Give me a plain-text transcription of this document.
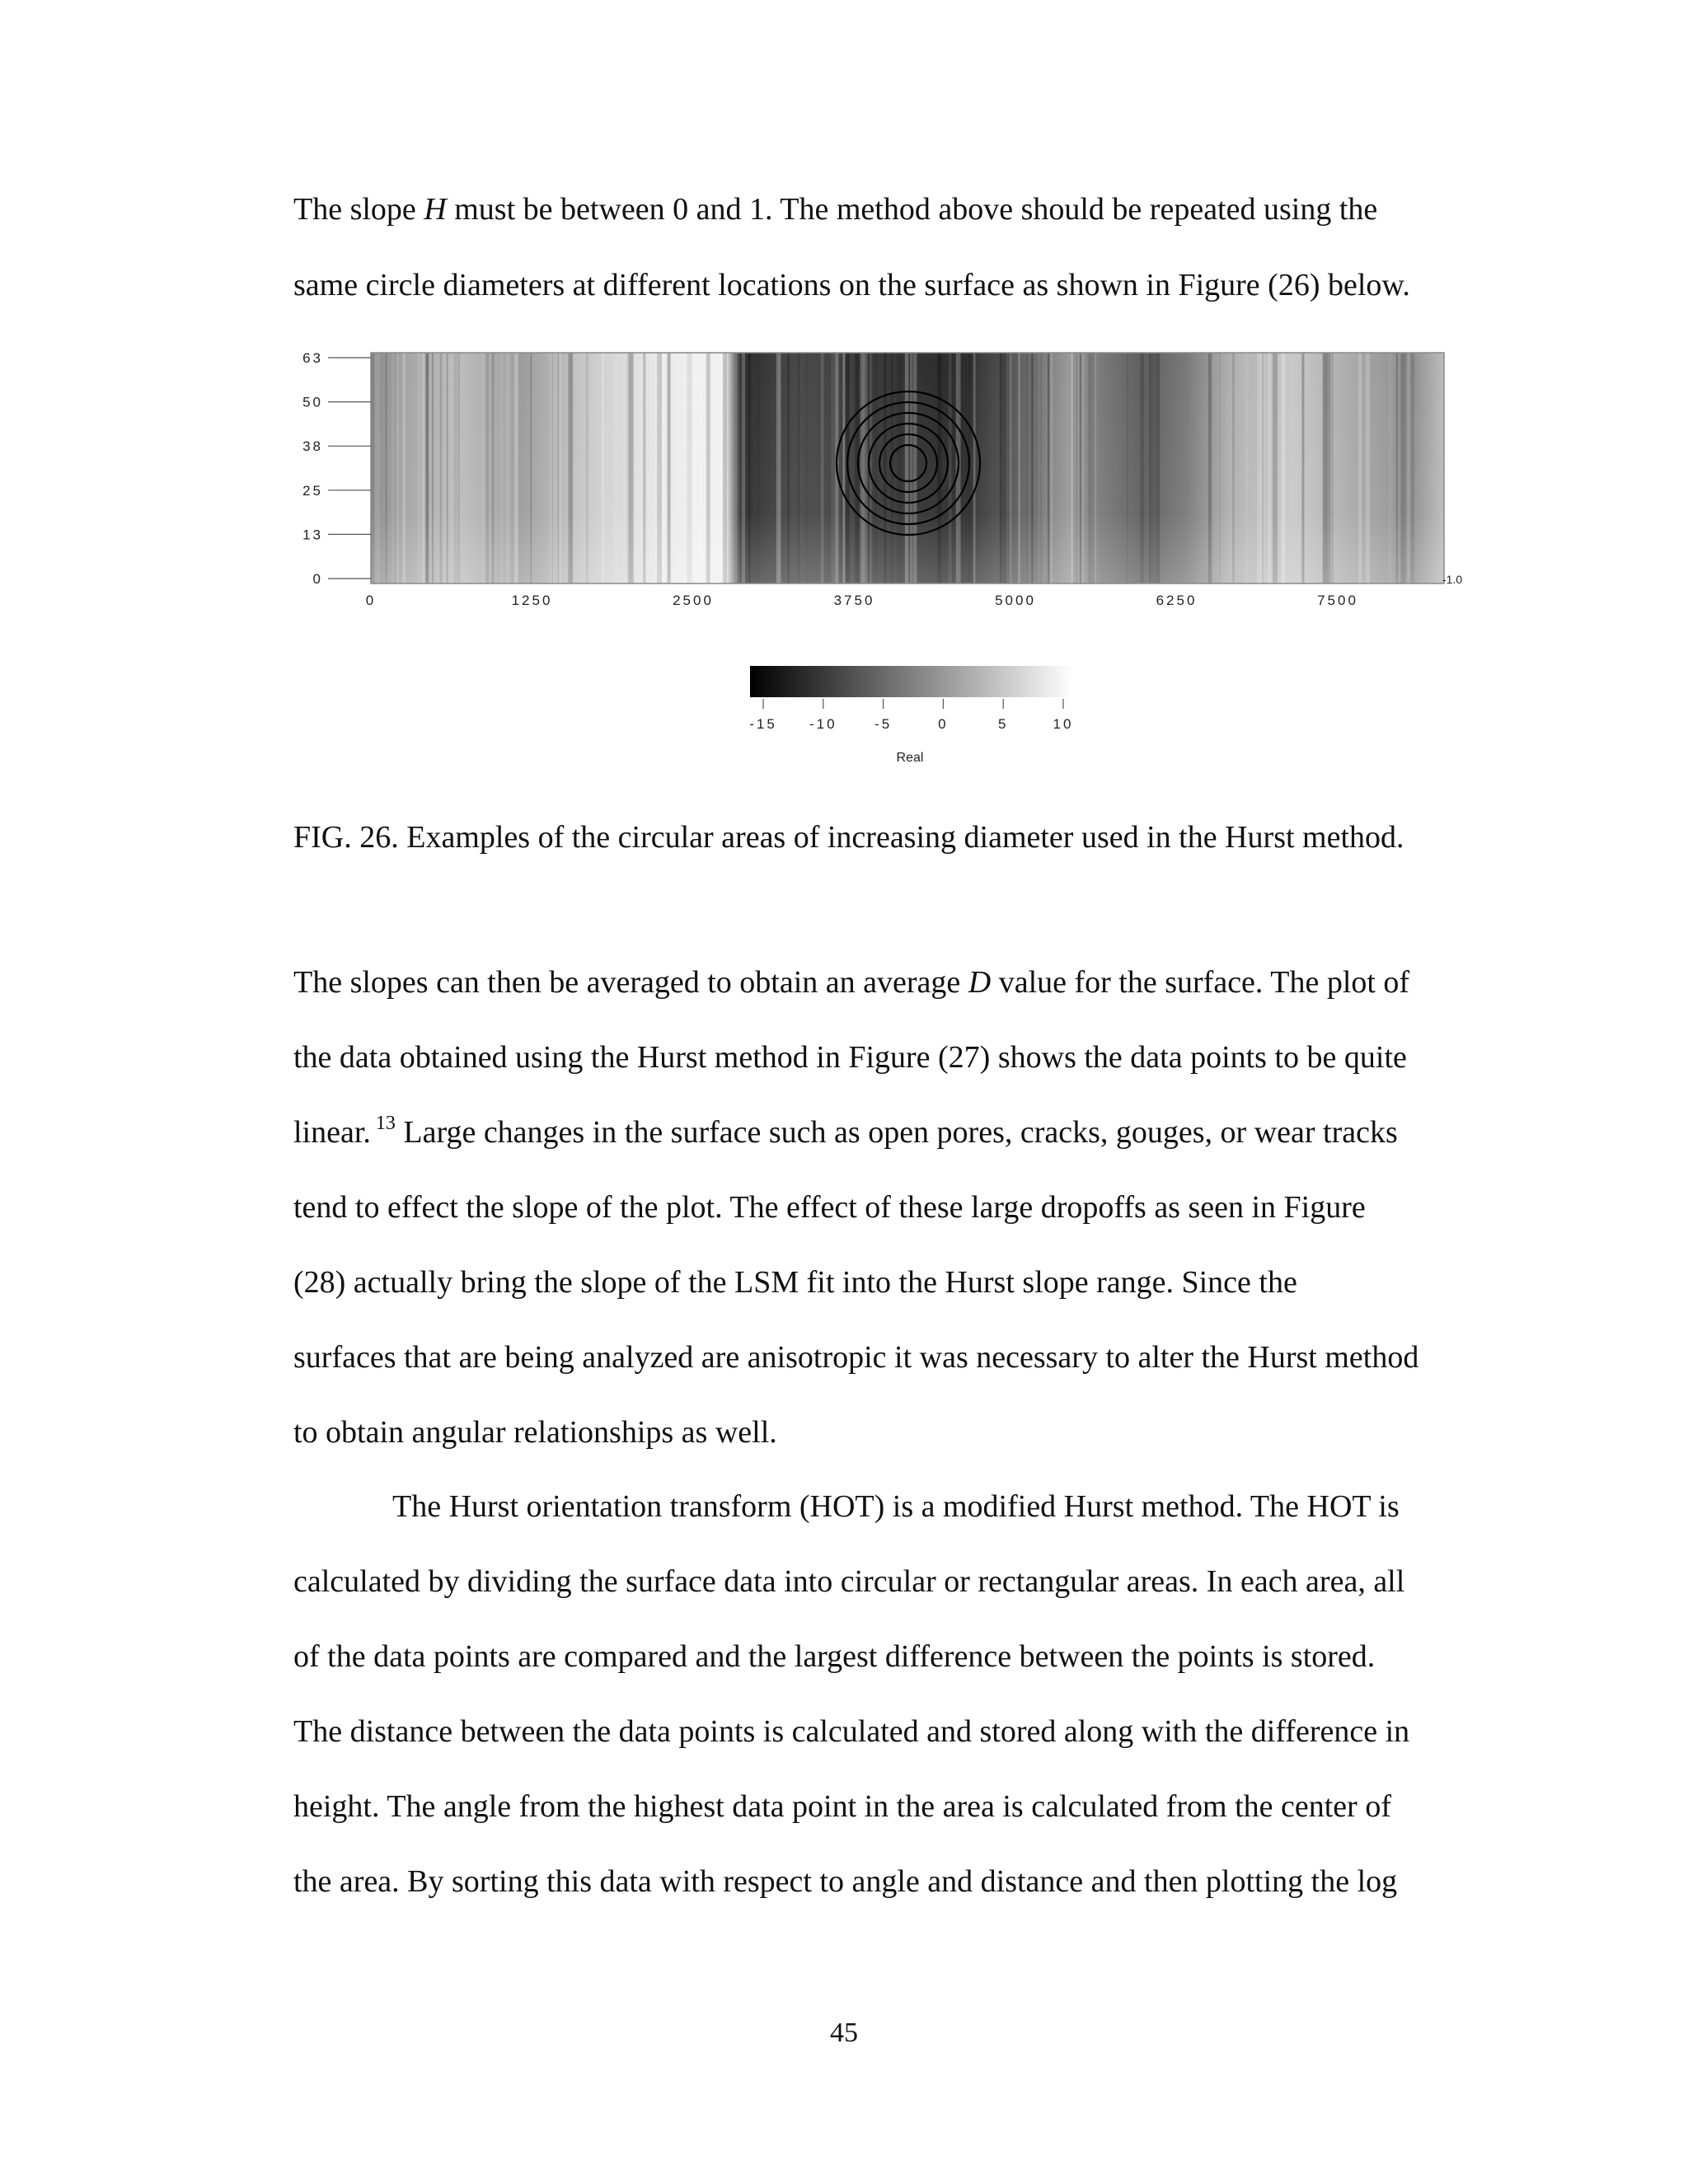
The slope H must be between 0 and 1. The method above should be repeated using the
same circle diameters at different locations on the surface as shown in Figure (26) below.
63
50
38
25
13
0
0	1250	2500	3750	5000	6250	7500
-1.0
-15 -10	-5	0	5	10
Real
FIG. 26. Examples of the circular areas of increasing diameter used in the Hurst method.
The slopes can then be averaged to obtain an average D value for the surface. The plot of
the data obtained using the Hurst method in Figure (27) shows the data points to be quite
linear. $^{13}$ Large changes in the surface such as open pores, cracks, gouges, or wear tracks
tend to effect the slope of the plot. The effect of these large dropoffs as seen in Figure
(28) actually bring the slope of the LSM fit into the Hurst slope range. Since the
surfaces that are being analyzed are anisotropic it was necessary to alter the Hurst method
to obtain angular relationships as well.
The Hurst orientation transform (HOT) is a modified Hurst method. The HOT is
calculated by dividing the surface data into circular or rectangular areas. In each area, all
of the data points are compared and the largest difference between the points is stored.
The distance between the data points is calculated and stored along with the difference in
height. The angle from the highest data point in the area is calculated from the center of
the area. By sorting this data with respect to angle and distance and then plotting the log
45
